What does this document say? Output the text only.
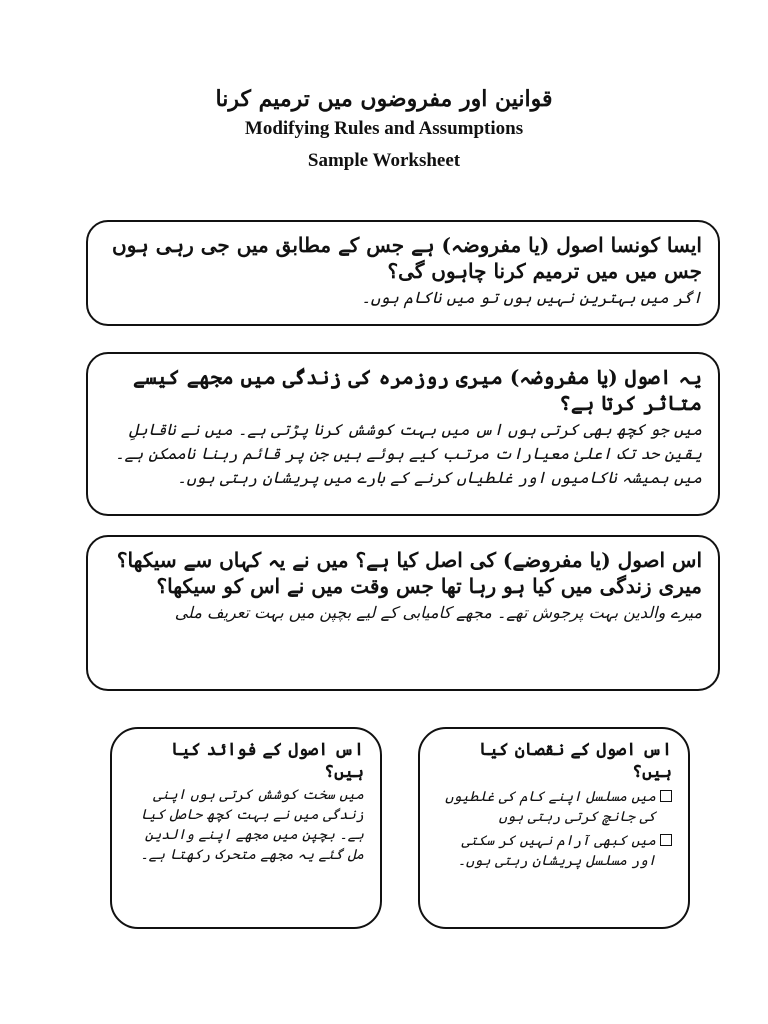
قوانین اور مفروضوں میں ترمیم کرنا
Modifying Rules and Assumptions
Sample Worksheet

ایسا کونسا اصول (یا مفروضہ) ہے جس کے مطابق میں جی رہی ہوں جس میں میں ترمیم کرنا چاہوں گی؟

اگر میں بہترین نہیں ہوں تو میں ناکام ہوں۔

یہ اصول (یا مفروضہ) میری روزمرہ کی زندگی میں مجھے کیسے متاثر کرتا ہے؟

میں جو کچھ بھی کرتی ہوں اس میں بہت کوشش کرنا پڑتی ہے۔ میں نے ناقابلِ یقین حد تک اعلیٰ معیارات مرتب کیے ہوئے ہیں جن پر قائم رہنا ناممکن ہے۔ میں ہمیشہ ناکامیوں اور غلطیاں کرنے کے بارے میں پریشان رہتی ہوں۔

اس اصول (یا مفروضے) کی اصل کیا ہے؟ میں نے یہ کہاں سے سیکھا؟ میری زندگی میں کیا ہو رہا تھا جس وقت میں نے اس کو سیکھا؟

میرے والدین بہت پرجوش تھے۔ مجھے کامیابی کے لیے بچپن میں بہت تعریف ملی

اس اصول کے فوائد کیا ہیں؟

میں سخت کوشش کرتی ہوں اپنی زندگی میں نے بہت کچھ حاصل کیا ہے۔ بچپن میں مجھے اپنے والدین مل گئے یہ مجھے متحرک رکھتا ہے۔

اس اصول کے نقصان کیا ہیں؟

میں مسلسل اپنے کام کی غلطیوں کی جانچ کرتی رہتی ہوں
میں کبھی آرام نہیں کر سکتی اور مسلسل پریشان رہتی ہوں۔
